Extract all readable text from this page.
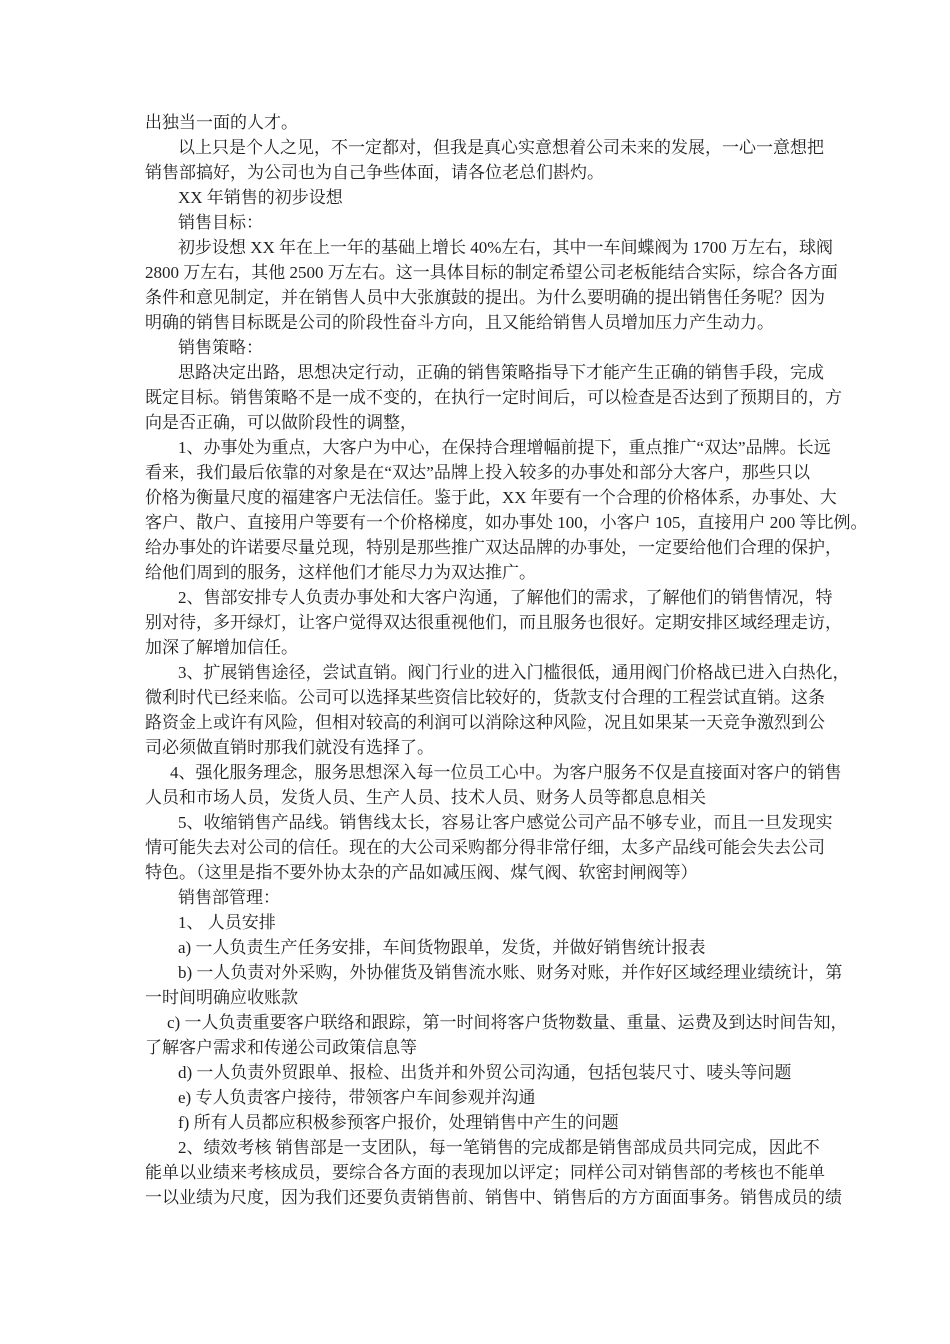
出独当一面的人才。
以上只是个人之见，不一定都对，但我是真心实意想着公司未来的发展，一心一意想把
销售部搞好，为公司也为自己争些体面，请各位老总们斟灼。
XX 年销售的初步设想
销售目标：
初步设想 XX 年在上一年的基础上增长 40%左右，其中一车间蝶阀为 1700 万左右，球阀
2800 万左右，其他 2500 万左右。这一具体目标的制定希望公司老板能结合实际，综合各方面
条件和意见制定，并在销售人员中大张旗鼓的提出。为什么要明确的提出销售任务呢？因为
明确的销售目标既是公司的阶段性奋斗方向，且又能给销售人员增加压力产生动力。
销售策略：
思路决定出路，思想决定行动，正确的销售策略指导下才能产生正确的销售手段，完成
既定目标。销售策略不是一成不变的，在执行一定时间后，可以检查是否达到了预期目的，方
向是否正确，可以做阶段性的调整，
1、办事处为重点，大客户为中心，在保持合理增幅前提下，重点推广“双达”品牌。长远
看来，我们最后依靠的对象是在“双达”品牌上投入较多的办事处和部分大客户，那些只以
价格为衡量尺度的福建客户无法信任。鉴于此，XX 年要有一个合理的价格体系，办事处、大
客户、散户、直接用户等要有一个价格梯度，如办事处 100，小客户 105，直接用户 200 等比例。
给办事处的许诺要尽量兑现，特别是那些推广双达品牌的办事处，一定要给他们合理的保护，
给他们周到的服务，这样他们才能尽力为双达推广。
2、售部安排专人负责办事处和大客户沟通，了解他们的需求，了解他们的销售情况，特
别对待，多开绿灯，让客户觉得双达很重视他们，而且服务也很好。定期安排区域经理走访，
加深了解增加信任。
3、扩展销售途径，尝试直销。阀门行业的进入门槛很低，通用阀门价格战已进入白热化，
微利时代已经来临。公司可以选择某些资信比较好的，货款支付合理的工程尝试直销。这条
路资金上或许有风险，但相对较高的利润可以消除这种风险，况且如果某一天竞争激烈到公
司必须做直销时那我们就没有选择了。
4、强化服务理念，服务思想深入每一位员工心中。为客户服务不仅是直接面对客户的销售
人员和市场人员，发货人员、生产人员、技术人员、财务人员等都息息相关
5、收缩销售产品线。销售线太长，容易让客户感觉公司产品不够专业，而且一旦发现实
情可能失去对公司的信任。现在的大公司采购都分得非常仔细，太多产品线可能会失去公司
特色。（这里是指不要外协太杂的产品如减压阀、煤气阀、软密封闸阀等）
销售部管理：
1、 人员安排
a) 一人负责生产任务安排，车间货物跟单，发货，并做好销售统计报表
b) 一人负责对外采购，外协催货及销售流水账、财务对账，并作好区域经理业绩统计，第
一时间明确应收账款
c) 一人负责重要客户联络和跟踪，第一时间将客户货物数量、重量、运费及到达时间告知，
了解客户需求和传递公司政策信息等
d) 一人负责外贸跟单、报检、出货并和外贸公司沟通，包括包装尺寸、唛头等问题
e) 专人负责客户接待，带领客户车间参观并沟通
f) 所有人员都应积极参预客户报价，处理销售中产生的问题
2、绩效考核 销售部是一支团队，每一笔销售的完成都是销售部成员共同完成，因此不
能单以业绩来考核成员，要综合各方面的表现加以评定；同样公司对销售部的考核也不能单
一以业绩为尺度，因为我们还要负责销售前、销售中、销售后的方方面面事务。销售成员的绩
